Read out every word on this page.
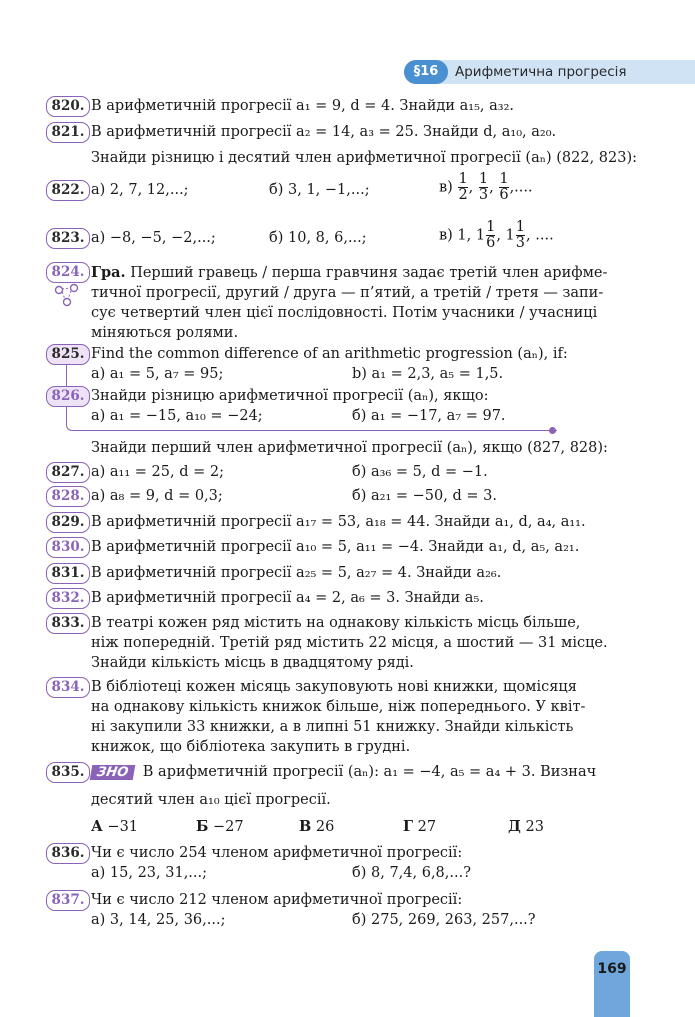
§16	Арифметична прогресія
820. В арифметичній прогресії a₁ = 9, d = 4. Знайди a₁₅, a₃₂.
821. В арифметичній прогресії a₂ = 14, a₃ = 25. Знайди d, a₁₀, a₂₀.
Знайди різницю і десятий член арифметичної прогресії (aₙ) (822, 823):
822. а) 2, 7, 12,...;	б) 3, 1, −1,...;	$в) \frac{1}{2}$ , $\frac{1}{3}$ , $\frac{1}{6}$ ,....
823. а) −8, −5, −2,...;	б) 10, 8, 6,...;	в) 1, $1 \frac{1}{6}$ , $1 \frac{1}{3}$ , ....
824. Гра. Перший гравець / перша гравчиня задає третій член арифме-
тичної прогресії, другий / друга — п’ятий, а третій / третя — запи-
сує четвертий член цієї послідовності. Потім учасники / учасниці
міняються ролями.
825. Find the common difference of an arithmetic progression (aₙ), if:
а) a₁ = 5, a₇ = 95;	b) a₁ = 2,3, a₅ = 1,5.
826. Знайди різницю арифметичної прогресії (aₙ), якщо:
а) a₁ = −15, a₁₀ = −24;	б) a₁ = −17, a₇ = 97.
Знайди перший член арифметичної прогресії (aₙ), якщо (827, 828):
827. а) a₁₁ = 25, d = 2;	б) a₃₆ = 5, d = −1.
828. а) a₈ = 9, d = 0,3;	б) a₂₁ = −50, d = 3.
829. В арифметичній прогресії a₁₇ = 53, a₁₈ = 44. Знайди a₁, d, a₄, a₁₁.
830. В арифметичній прогресії a₁₀ = 5, a₁₁ = −4. Знайди a₁, d, a₅, a₂₁.
831. В арифметичній прогресії a₂₅ = 5, a₂₇ = 4. Знайди a₂₆.
832. В арифметичній прогресії a₄ = 2, a₆ = 3. Знайди a₅.
833. В театрі кожен ряд містить на однакову кількість місць більше,
ніж попередній. Третій ряд містить 22 місця, а шостий — 31 місце.
Знайди кількість місць в двадцятому ряді.
834. В бібліотеці кожен місяць закуповують нові книжки, щомісяця
на однакову кількість книжок більше, ніж попереднього. У квіт-
ні закупили 33 книжки, а в липні 51 книжку. Знайди кількість
книжок, що бібліотека закупить в грудні.
835. ЗНО В арифметичній прогресії (aₙ): a₁ = −4, a₅ = a₄ + 3. Визнач
десятий член a₁₀ цієї прогресії.
А −31	Б −27	В 26	Г 27	Д 23
836. Чи є число 254 членом арифметичної прогресії:
а) 15, 23, 31,...;	б) 8, 7,4, 6,8,...?
837. Чи є число 212 членом арифметичної прогресії:
а) 3, 14, 25, 36,...;	б) 275, 269, 263, 257,...?
169
